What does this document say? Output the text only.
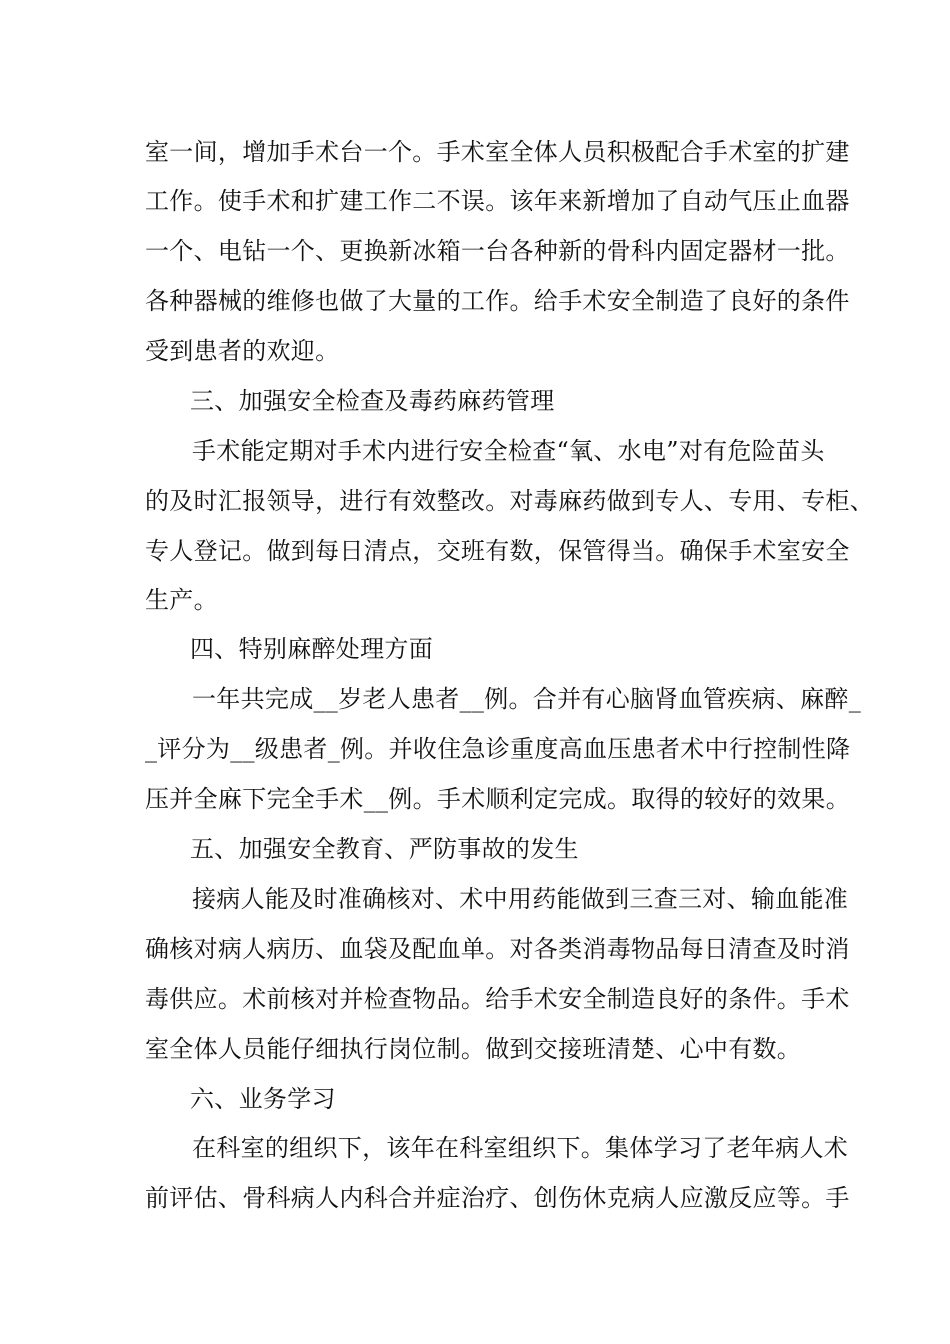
室一间，增加手术台一个。手术室全体人员积极配合手术室的扩建
工作。使手术和扩建工作二不误。该年来新增加了自动气压止血器
一个、电钻一个、更换新冰箱一台各种新的骨科内固定器材一批。
各种器械的维修也做了大量的工作。给手术安全制造了良好的条件
受到患者的欢迎。
三、加强安全检查及毒药麻药管理
手术能定期对手术内进行安全检查“氧、水电”对有危险苗头
的及时汇报领导，进行有效整改。对毒麻药做到专人、专用、专柜、
专人登记。做到每日清点，交班有数，保管得当。确保手术室安全
生产。
四、特别麻醉处理方面
一年共完成__岁老人患者__例。合并有心脑肾血管疾病、麻醉_
_评分为__级患者_例。并收住急诊重度高血压患者术中行控制性降
压并全麻下完全手术__例。手术顺利定完成。取得的较好的效果。
五、加强安全教育、严防事故的发生
接病人能及时准确核对、术中用药能做到三查三对、输血能准
确核对病人病历、血袋及配血单。对各类消毒物品每日清查及时消
毒供应。术前核对并检查物品。给手术安全制造良好的条件。手术
室全体人员能仔细执行岗位制。做到交接班清楚、心中有数。
六、业务学习
在科室的组织下，该年在科室组织下。集体学习了老年病人术
前评估、骨科病人内科合并症治疗、创伤休克病人应激反应等。手
